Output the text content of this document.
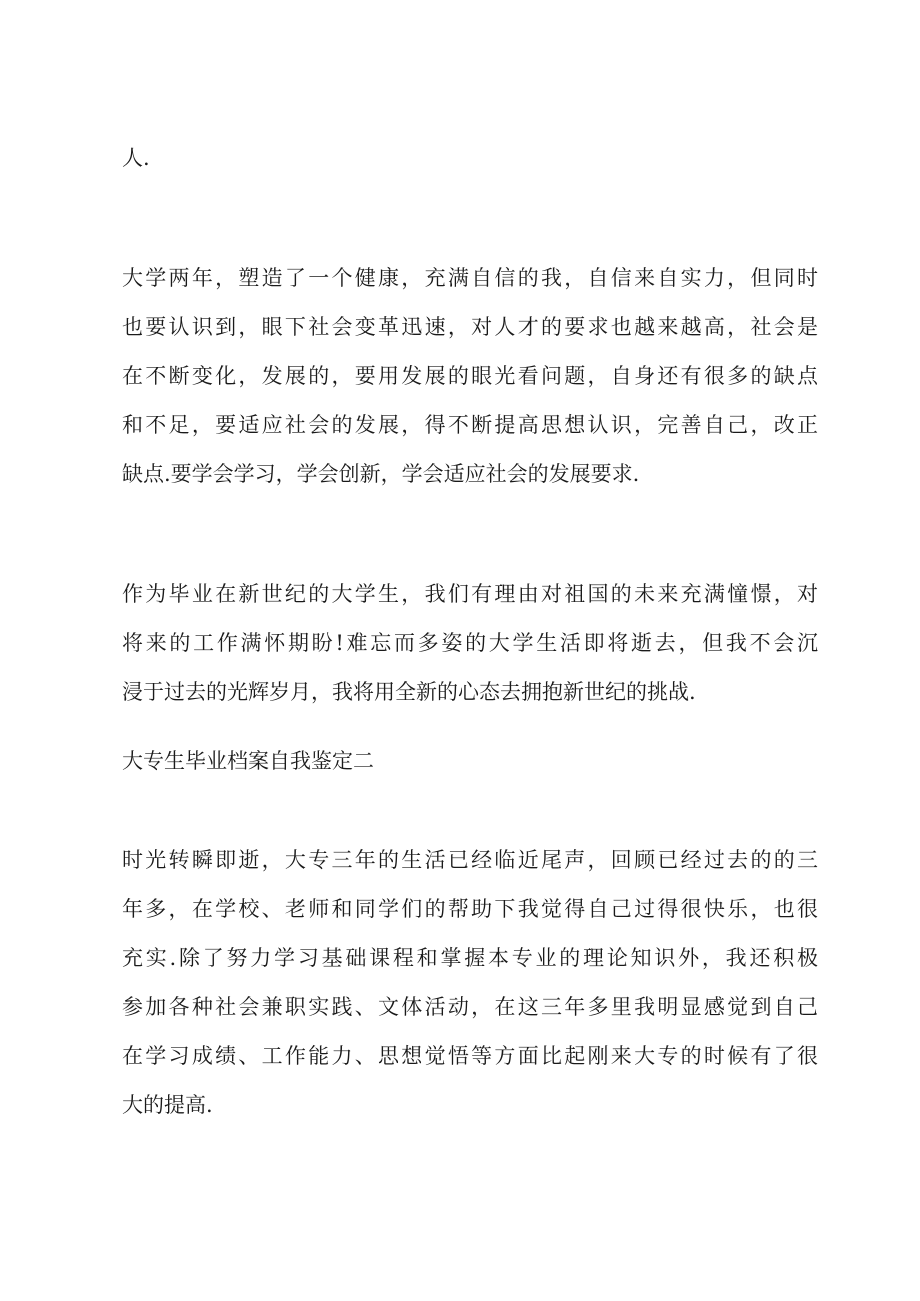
人.

大学两年，塑造了一个健康，充满自信的我，自信来自实力，但同时
也要认识到，眼下社会变革迅速，对人才的要求也越来越高，社会是
在不断变化，发展的，要用发展的眼光看问题，自身还有很多的缺点
和不足，要适应社会的发展，得不断提高思想认识，完善自己，改正
缺点.要学会学习，学会创新，学会适应社会的发展要求.

作为毕业在新世纪的大学生，我们有理由对祖国的未来充满憧憬，对
将来的工作满怀期盼!难忘而多姿的大学生活即将逝去，但我不会沉
浸于过去的光辉岁月，我将用全新的心态去拥抱新世纪的挑战.

大专生毕业档案自我鉴定二

时光转瞬即逝，大专三年的生活已经临近尾声，回顾已经过去的的三
年多，在学校、老师和同学们的帮助下我觉得自己过得很快乐，也很
充实.除了努力学习基础课程和掌握本专业的理论知识外，我还积极
参加各种社会兼职实践、文体活动，在这三年多里我明显感觉到自己
在学习成绩、工作能力、思想觉悟等方面比起刚来大专的时候有了很
大的提高.
